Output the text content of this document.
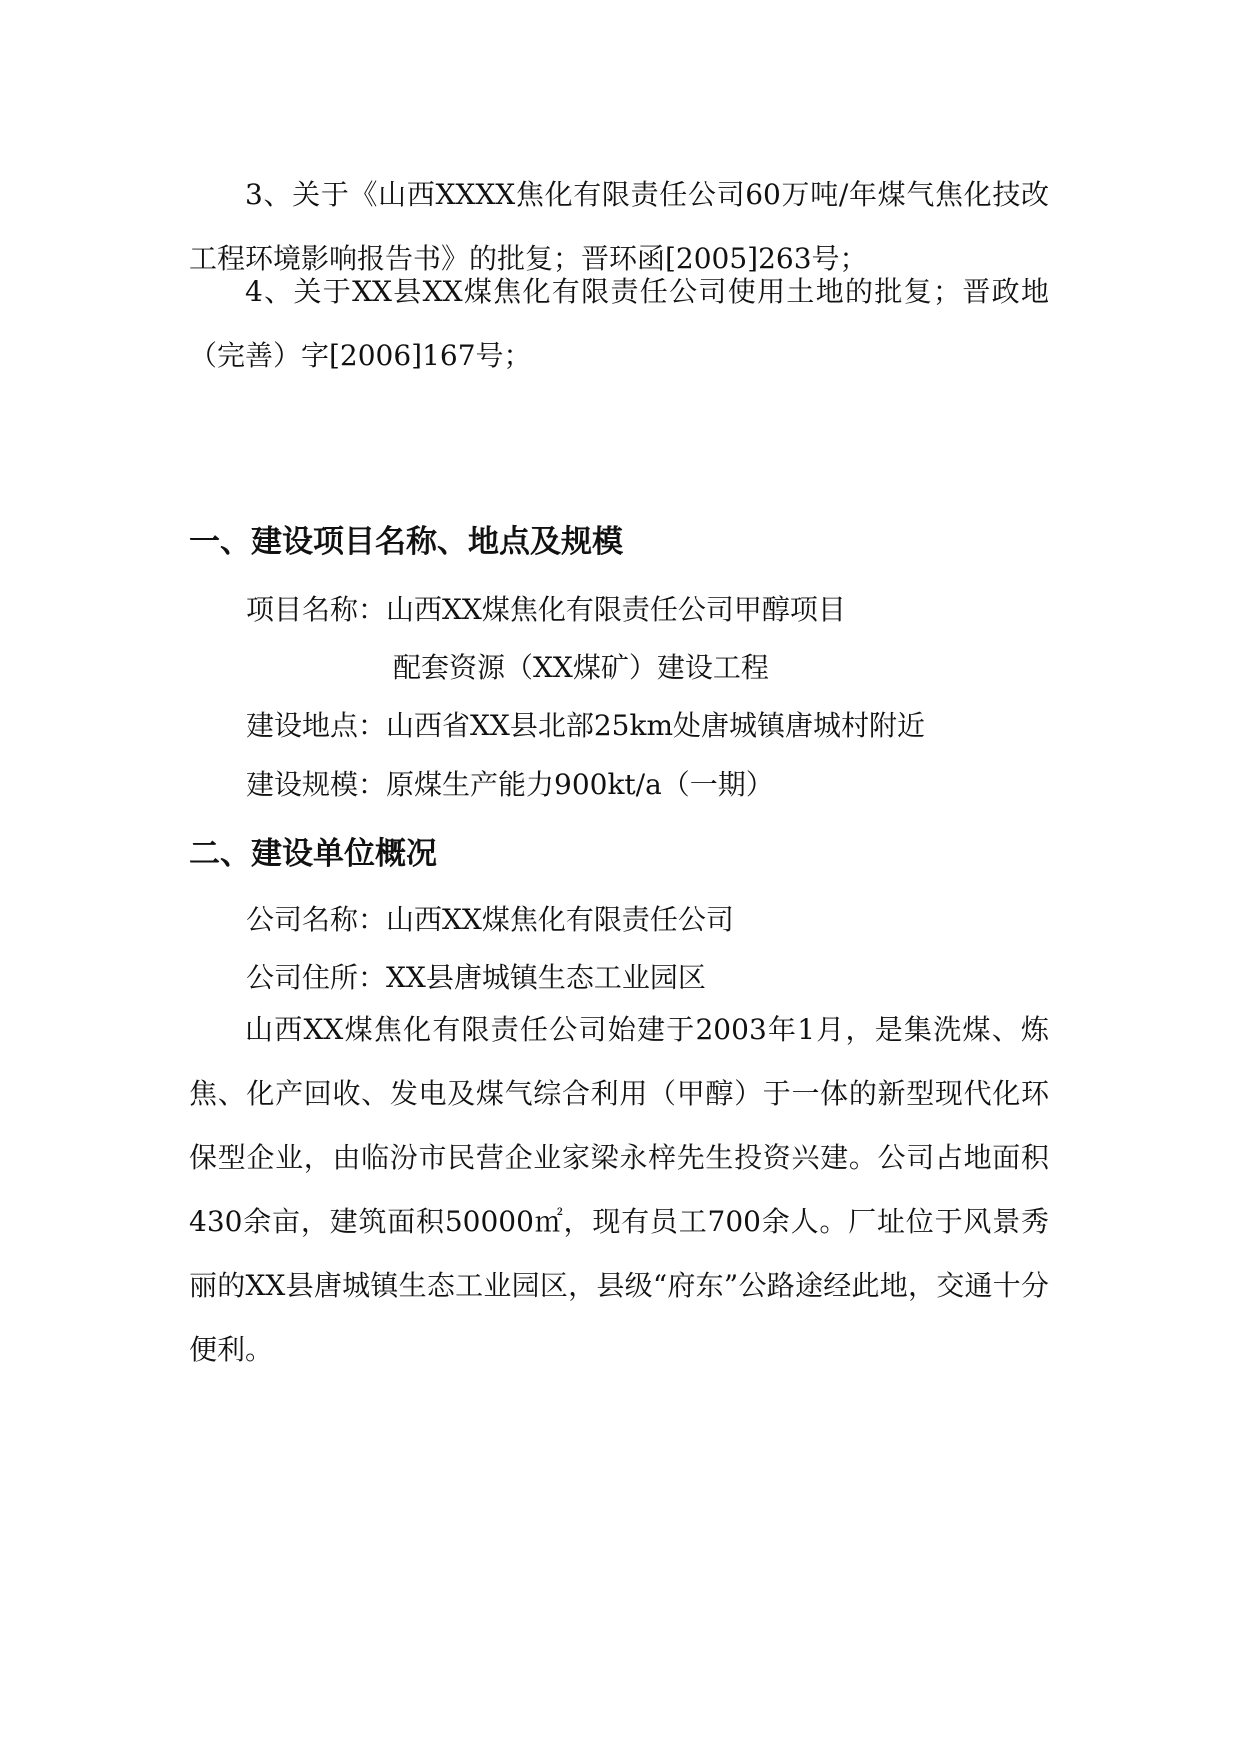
3、关于《山西XXXX焦化有限责任公司60万吨/年煤气焦化技改工程环境影响报告书》的批复；晋环函[2005]263号；

4、关于XX县XX煤焦化有限责任公司使用土地的批复；晋政地（完善）字[2006]167号；

一、建设项目名称、地点及规模

项目名称：山西XX煤焦化有限责任公司甲醇项目

配套资源（XX煤矿）建设工程

建设地点：山西省XX县北部25km处唐城镇唐城村附近

建设规模：原煤生产能力900kt/a（一期）

二、建设单位概况

公司名称：山西XX煤焦化有限责任公司

公司住所：XX县唐城镇生态工业园区

山西XX煤焦化有限责任公司始建于2003年1月，是集洗煤、炼焦、化产回收、发电及煤气综合利用（甲醇）于一体的新型现代化环保型企业，由临汾市民营企业家梁永梓先生投资兴建。公司占地面积430余亩，建筑面积50000㎡，现有员工700余人。厂址位于风景秀丽的XX县唐城镇生态工业园区，县级“府东”公路途经此地，交通十分便利。
